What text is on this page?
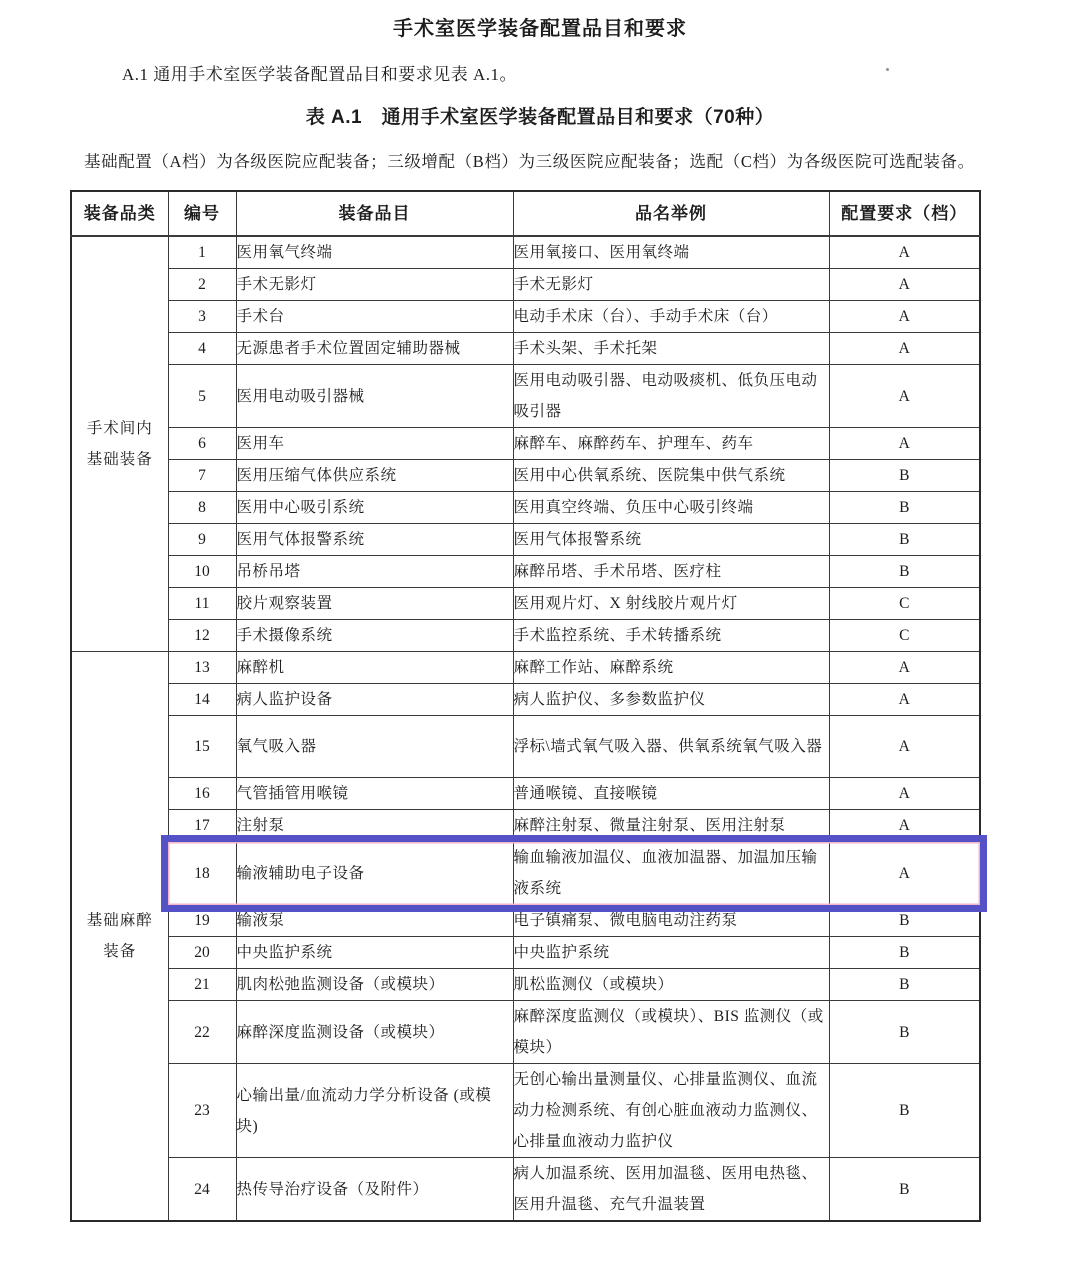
手术室医学装备配置品目和要求
A.1 通用手术室医学装备配置品目和要求见表 A.1。
表 A.1　通用手术室医学装备配置品目和要求（70种）
基础配置（A档）为各级医院应配装备；三级增配（B档）为三级医院应配装备；选配（C档）为各级医院可选配装备。
装备品类	编号	装备品目	品名举例	配置要求（档）
手术间内
基础装备	1	医用氧气终端	医用氧接口、医用氧终端	A
	2	手术无影灯	手术无影灯	A
	3	手术台	电动手术床（台）、手动手术床（台）	A
	4	无源患者手术位置固定辅助器械	手术头架、手术托架	A
	5	医用电动吸引器械	医用电动吸引器、电动吸痰机、低负压电动吸引器	A
	6	医用车	麻醉车、麻醉药车、护理车、药车	A
	7	医用压缩气体供应系统	医用中心供氧系统、医院集中供气系统	B
	8	医用中心吸引系统	医用真空终端、负压中心吸引终端	B
	9	医用气体报警系统	医用气体报警系统	B
	10	吊桥吊塔	麻醉吊塔、手术吊塔、医疗柱	B
	11	胶片观察装置	医用观片灯、X 射线胶片观片灯	C
	12	手术摄像系统	手术监控系统、手术转播系统	C
基础麻醉
装备	13	麻醉机	麻醉工作站、麻醉系统	A
	14	病人监护设备	病人监护仪、多参数监护仪	A
	15	氧气吸入器	浮标\墙式氧气吸入器、供氧系统氧气吸入器	A
	16	气管插管用喉镜	普通喉镜、直接喉镜	A
	17	注射泵	麻醉注射泵、微量注射泵、医用注射泵	A
	18	输液辅助电子设备	输血输液加温仪、血液加温器、加温加压输液系统	A
	19	输液泵	电子镇痛泵、微电脑电动注药泵	B
	20	中央监护系统	中央监护系统	B
	21	肌肉松弛监测设备（或模块）	肌松监测仪（或模块）	B
	22	麻醉深度监测设备（或模块）	麻醉深度监测仪（或模块）、BIS 监测仪（或模块）	B
	23	心输出量/血流动力学分析设备 (或模块)	无创心输出量测量仪、心排量监测仪、血流动力检测系统、有创心脏血液动力监测仪、心排量血液动力监护仪	B
	24	热传导治疗设备（及附件）	病人加温系统、医用加温毯、医用电热毯、医用升温毯、充气升温装置	B
